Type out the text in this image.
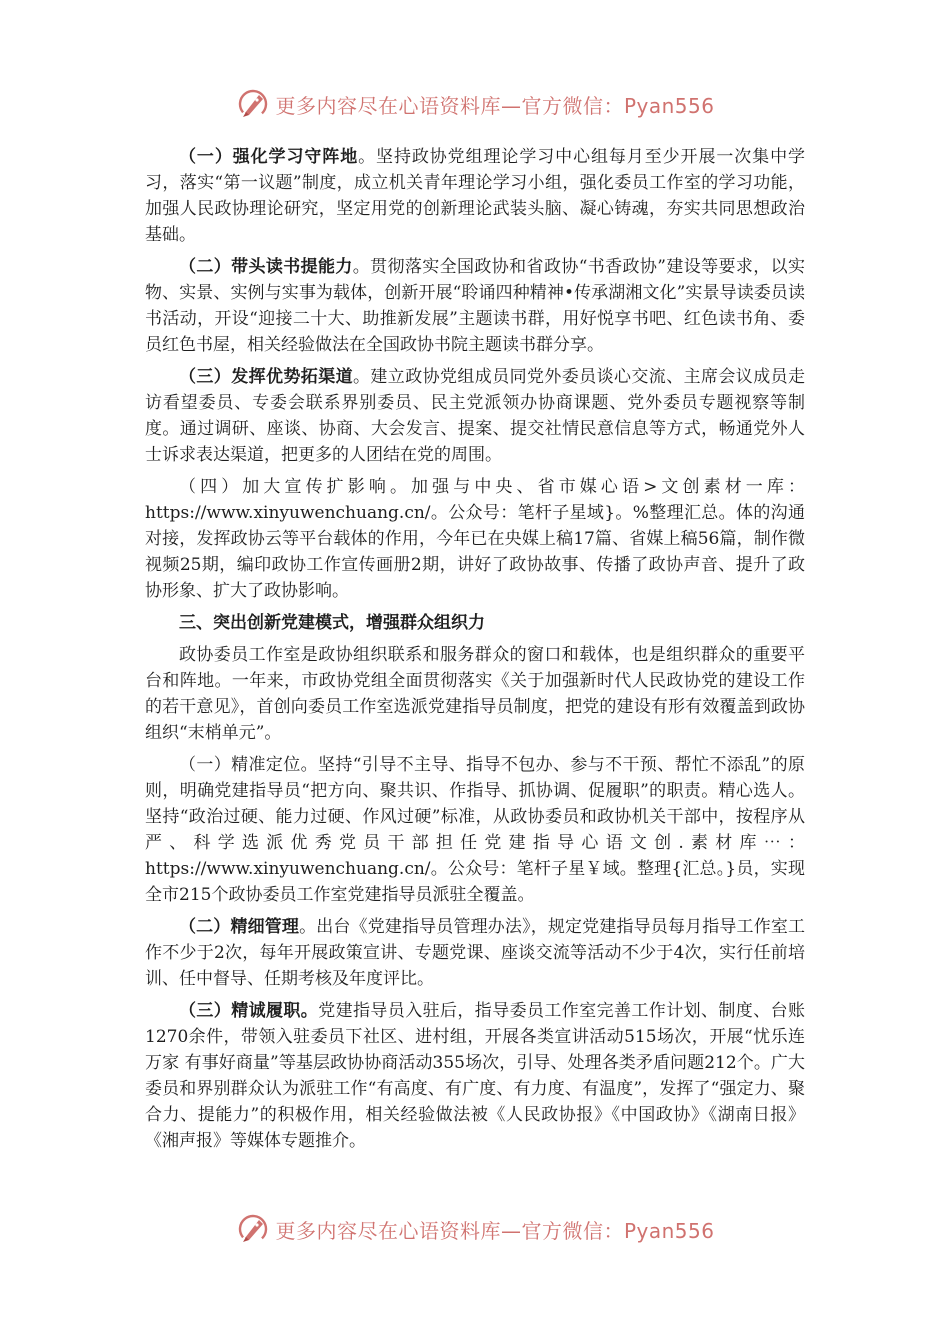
更多内容尽在心语资料库—官方微信：Pyan556

（一）强化学习守阵地。坚持政协党组理论学习中心组每月至少开展一次集中学习，落实“第一议题”制度，成立机关青年理论学习小组，强化委员工作室的学习功能，加强人民政协理论研究，坚定用党的创新理论武装头脑、凝心铸魂，夯实共同思想政治基础。

（二）带头读书提能力。贯彻落实全国政协和省政协“书香政协”建设等要求，以实物、实景、实例与实事为载体，创新开展“聆诵四种精神•传承湖湘文化”实景导读委员读书活动，开设“迎接二十大、助推新发展”主题读书群，用好悦享书吧、红色读书角、委员红色书屋，相关经验做法在全国政协书院主题读书群分享。

（三）发挥优势拓渠道。建立政协党组成员同党外委员谈心交流、主席会议成员走访看望委员、专委会联系界别委员、民主党派领办协商课题、党外委员专题视察等制度。通过调研、座谈、协商、大会发言、提案、提交社情民意信息等方式，畅通党外人士诉求表达渠道，把更多的人团结在党的周围。

（四）加大宣传扩影响。加强与中央、省市媒心语>文创素材一库：https://www.xinyuwenchuang.cn/。公众号：笔杆子星域}。%整理汇总。体的沟通对接，发挥政协云等平台载体的作用，今年已在央媒上稿17篇、省媒上稿56篇，制作微视频25期，编印政协工作宣传画册2期，讲好了政协故事、传播了政协声音、提升了政协形象、扩大了政协影响。

三、突出创新党建模式，增强群众组织力

政协委员工作室是政协组织联系和服务群众的窗口和载体，也是组织群众的重要平台和阵地。一年来，市政协党组全面贯彻落实《关于加强新时代人民政协党的建设工作的若干意见》，首创向委员工作室选派党建指导员制度，把党的建设有形有效覆盖到政协组织“末梢单元”。

（一）精准定位。坚持“引导不主导、指导不包办、参与不干预、帮忙不添乱”的原则，明确党建指导员“把方向、聚共识、作指导、抓协调、促履职”的职责。精心选人。坚持“政治过硬、能力过硬、作风过硬”标准，从政协委员和政协机关干部中，按程序从严、科学选派优秀党员干部担任党建指导心语文创.素材库⋯：https://www.xinyuwenchuang.cn/。公众号：笔杆子星￥域。整理{汇总。}员，实现全市215个政协委员工作室党建指导员派驻全覆盖。

（二）精细管理。出台《党建指导员管理办法》，规定党建指导员每月指导工作室工作不少于2次，每年开展政策宣讲、专题党课、座谈交流等活动不少于4次，实行任前培训、任中督导、任期考核及年度评比。

（三）精诚履职。党建指导员入驻后，指导委员工作室完善工作计划、制度、台账1270余件，带领入驻委员下社区、进村组，开展各类宣讲活动515场次，开展“忧乐连万家 有事好商量”等基层政协协商活动355场次，引导、处理各类矛盾问题212个。广大委员和界别群众认为派驻工作“有高度、有广度、有力度、有温度”，发挥了“强定力、聚合力、提能力”的积极作用，相关经验做法被《人民政协报》《中国政协》《湖南日报》《湘声报》等媒体专题推介。

更多内容尽在心语资料库—官方微信：Pyan556
